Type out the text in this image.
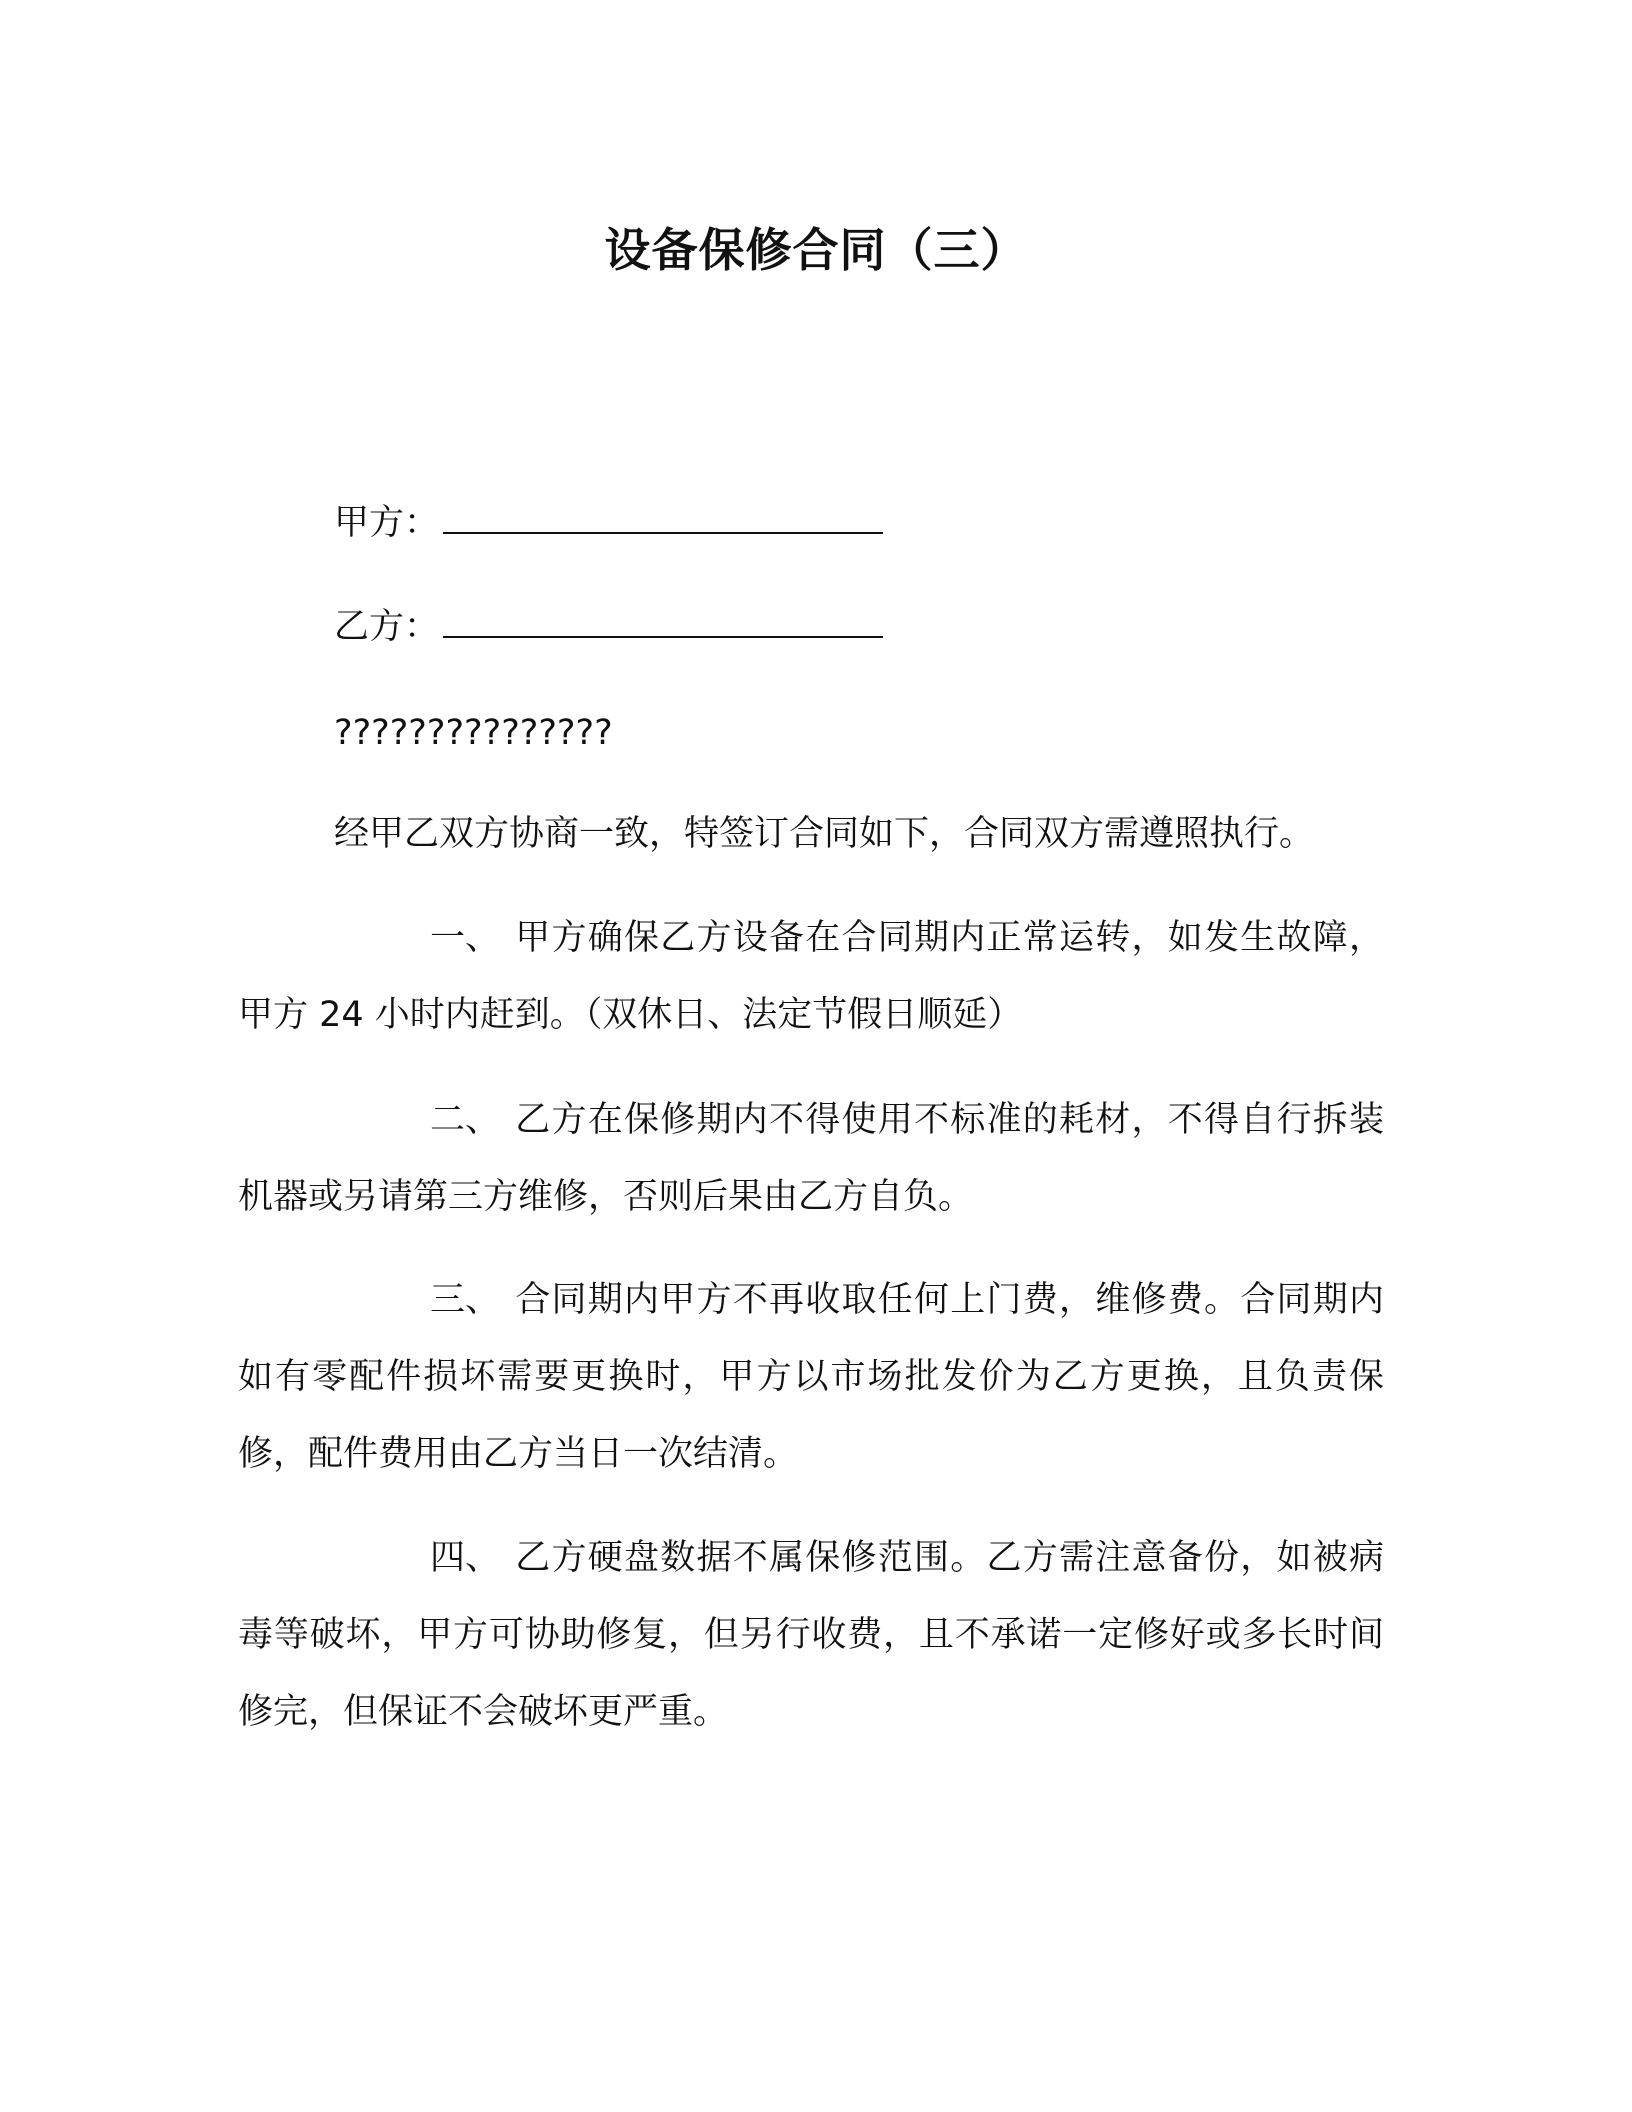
设备保修合同（三）
甲方：
乙方：
???????????????

经甲乙双方协商一致，特签订合同如下，合同双方需遵照执行。

一、 甲方确保乙方设备在合同期内正常运转，如发生故障，甲方 24 小时内赶到。（双休日、法定节假日顺延）

二、 乙方在保修期内不得使用不标准的耗材，不得自行拆装机器或另请第三方维修，否则后果由乙方自负。

三、 合同期内甲方不再收取任何上门费，维修费。合同期内如有零配件损坏需要更换时，甲方以市场批发价为乙方更换，且负责保修，配件费用由乙方当日一次结清。

四、 乙方硬盘数据不属保修范围。乙方需注意备份，如被病毒等破坏，甲方可协助修复，但另行收费，且不承诺一定修好或多长时间修完，但保证不会破坏更严重。
